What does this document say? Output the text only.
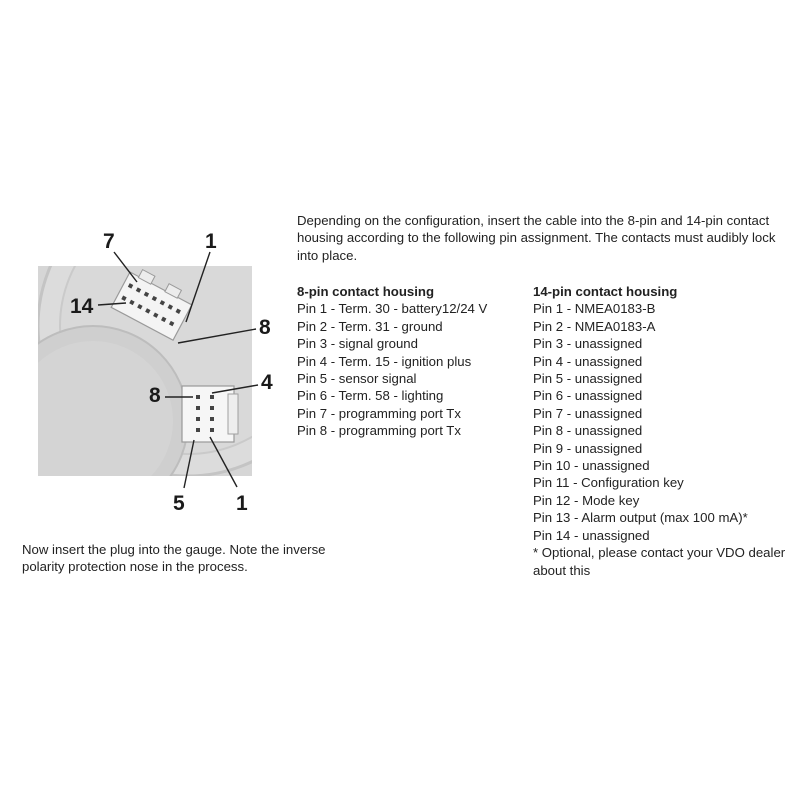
7	1
14
8
8
4
5 1
Depending on the configuration, insert the cable into the 8-pin and 14-pin contact housing according to the following pin assignment. The contacts must audibly lock into place.
8-pin contact housing
Pin 1 - Term. 30 - battery12/24 V
Pin 2 - Term. 31 - ground
Pin 3 - signal ground
Pin 4 - Term. 15 - ignition plus
Pin 5 - sensor signal
Pin 6 - Term. 58 - lighting
Pin 7 - programming port Tx
Pin 8 - programming port Tx
14-pin contact housing
Pin 1 - NMEA0183-B
Pin 2 - NMEA0183-A
Pin 3 - unassigned
Pin 4 - unassigned
Pin 5 - unassigned
Pin 6 - unassigned
Pin 7 - unassigned
Pin 8 - unassigned
Pin 9 - unassigned
Pin 10 - unassigned
Pin 11 - Configuration key
Pin 12 - Mode key
Pin 13 - Alarm output (max 100 mA)*
Pin 14 - unassigned
* Optional, please contact your VDO dealer about this
Now insert the plug into the gauge. Note the inverse polarity protection nose in the process.
